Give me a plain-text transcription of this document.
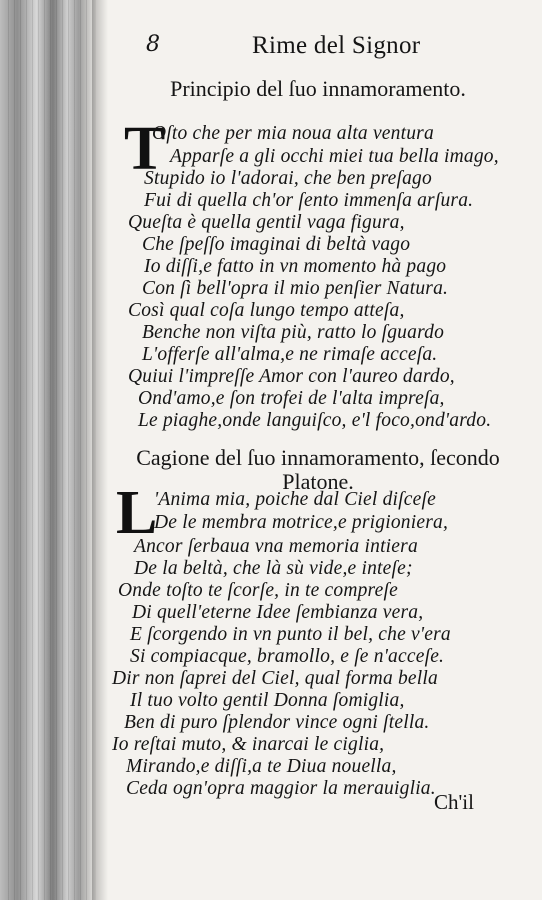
8	Rime del Signor
Principio del ſuo innamoramento.
T
Oſto che per mia noua alta ventura
Apparſe a gli occhi miei tua bella imago,
Stupido io l'adorai, che ben preſago
Fui di quella ch'or ſento immenſa arſura.
Queſta è quella gentil vaga figura,
Che ſpeſſo imaginai di beltà vago
Io diſſi,e fatto in vn momento hà pago
Con ſì bell'opra il mio penſier Natura.
Così qual coſa lungo tempo atteſa,
Benche non viſta più, ratto lo ſguardo
L'offerſe all'alma,e ne rimaſe acceſa.
Quiui l'impreſſe Amor con l'aureo dardo,
Ond'amo,e ſon trofei de l'alta impreſa,
Le piaghe,onde languiſco, e'l foco,ond'ardo.
Cagione del ſuo innamoramento, ſecondo
Platone.
L
'Anima mia, poiche dal Ciel diſceſe
De le membra motrice,e prigioniera,
Ancor ſerbaua vna memoria intiera
De la beltà, che là sù vide,e inteſe;
Onde toſto te ſcorſe, in te compreſe
Di quell'eterne Idee ſembianza vera,
E ſcorgendo in vn punto il bel, che v'era
Si compiacque, bramollo, e ſe n'acceſe.
Dir non ſaprei del Ciel, qual forma bella
Il tuo volto gentil Donna ſomiglia,
Ben di puro ſplendor vince ogni ſtella.
Io reſtai muto, & inarcai le ciglia,
Mirando,e diſſi,a te Diua nouella,
Ceda ogn'opra maggior la merauiglia.
Ch'il
